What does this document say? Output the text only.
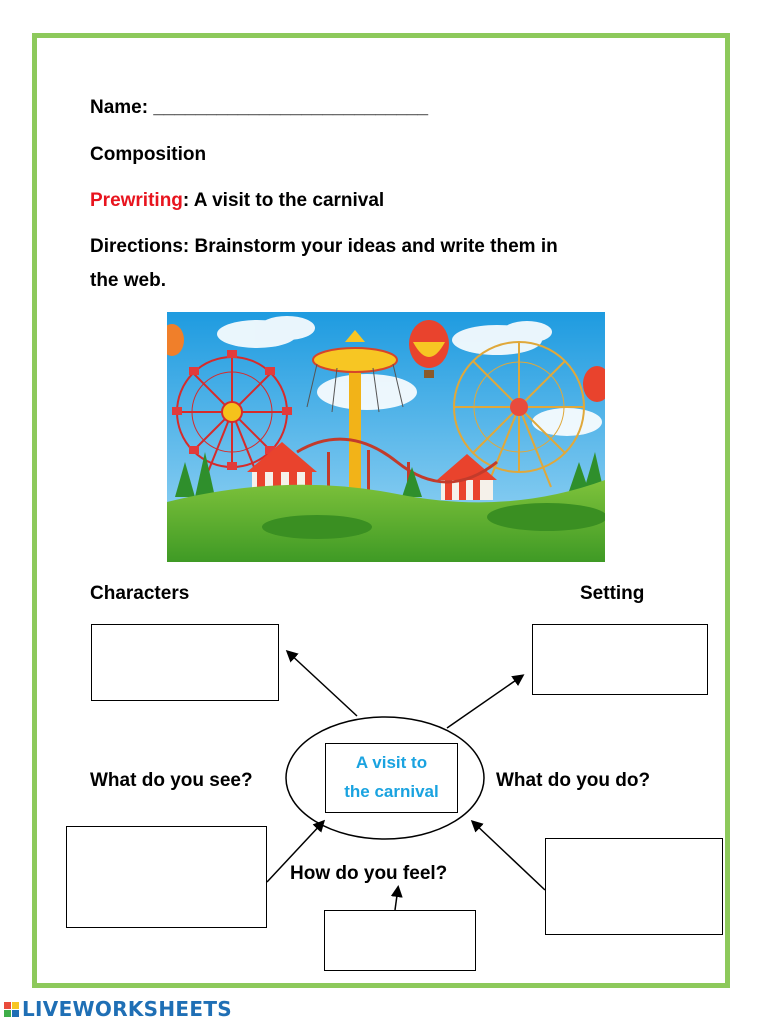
Name: __________________________
Composition
Prewriting: A visit to the carnival
Directions: Brainstorm your ideas and write them in
the web.
Characters	Setting
What do you see?	What do you do?
How do you feel?
A visit to
the carnival
LIVEWORKSHEETS
